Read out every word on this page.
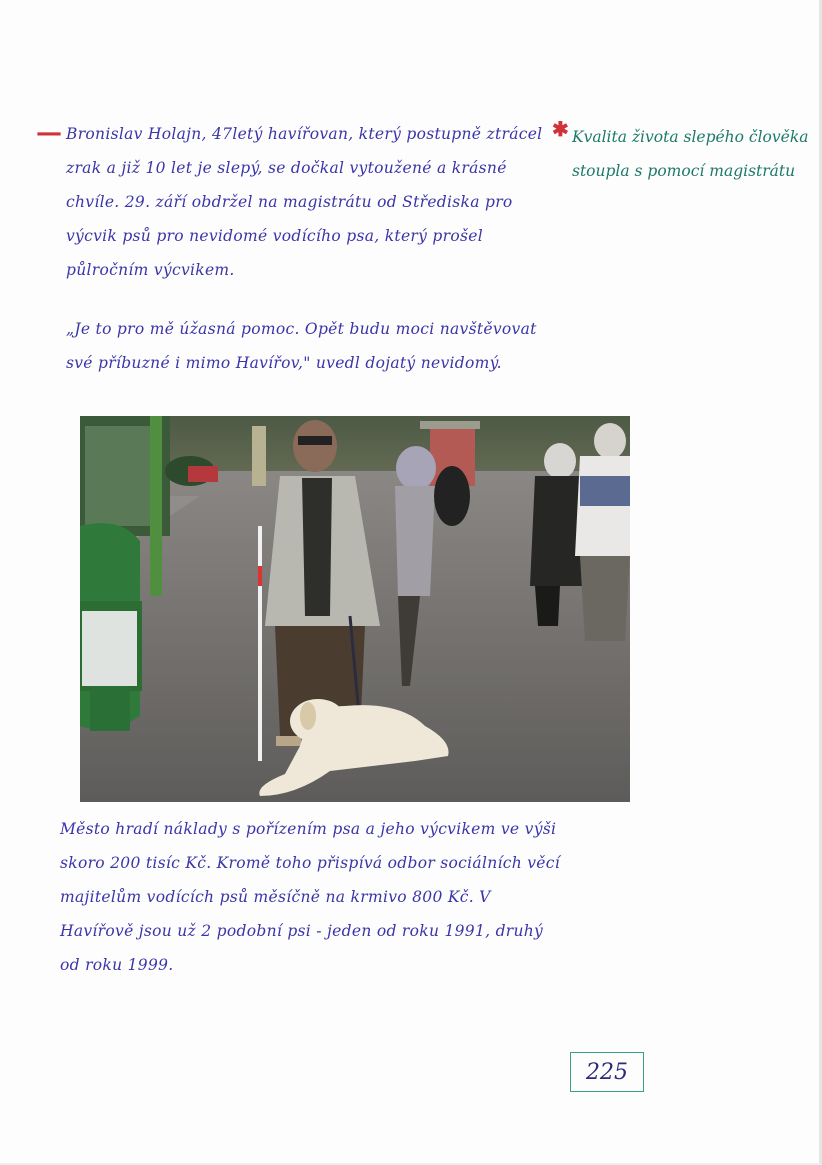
— Bronislav Holajn, 47letý havířovan, který postupně ztrácel zrak a již 10 let je slepý, se dočkal vytoužené a krásné chvíle. 29. září obdržel na magistrátu od Střediska pro výcvik psů pro nevidomé vodícího psa, který prošel půlročním výcvikem.

„Je to pro mě úžasná pomoc. Opět budu moci navštěvovat své příbuzné i mimo Havířov," uvedl dojatý nevidomý.

✱ Kvalita života slepého člověka stoupla s pomocí magistrátu

Město hradí náklady s pořízením psa a jeho výcvikem ve výši skoro 200 tisíc Kč. Kromě toho přispívá odbor sociálních věcí majitelům vodících psů měsíčně na krmivo 800 Kč. V Havířově jsou už 2 podobní psi - jeden od roku 1991, druhý od roku 1999.

225
